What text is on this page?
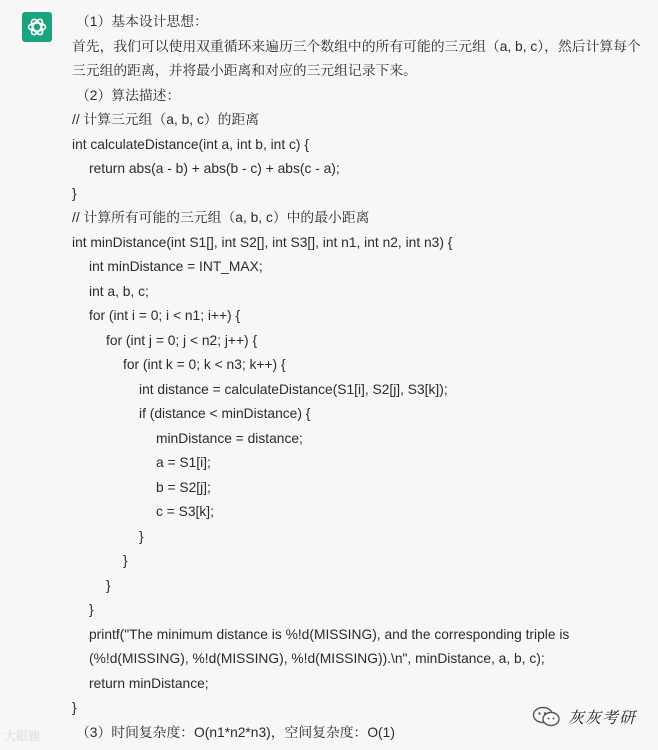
（1）基本设计思想：
首先，我们可以使用双重循环来遍历三个数组中的所有可能的三元组（a, b, c），然后计算每个三元组的距离，并将最小距离和对应的三元组记录下来。
（2）算法描述：
// 计算三元组（a, b, c）的距离
int calculateDistance(int a, int b, int c) {
return abs(a - b) + abs(b - c) + abs(c - a);
}
// 计算所有可能的三元组（a, b, c）中的最小距离
int minDistance(int S1[], int S2[], int S3[], int n1, int n2, int n3) {
int minDistance = INT_MAX;
int a, b, c;
for (int i = 0; i < n1; i++) {
for (int j = 0; j < n2; j++) {
for (int k = 0; k < n3; k++) {
int distance = calculateDistance(S1[i], S2[j], S3[k]);
if (distance < minDistance) {
minDistance = distance;
a = S1[i];
b = S2[j];
c = S3[k];
}
}
}
}
printf("The minimum distance is %!d(MISSING), and the corresponding triple is (%!d(MISSING), %!d(MISSING), %!d(MISSING)).\n", minDistance, a, b, c);
return minDistance;
}
（3）时间复杂度：O(n1*n2*n3)，空间复杂度：O(1)
大眼鹿
灰灰考研
